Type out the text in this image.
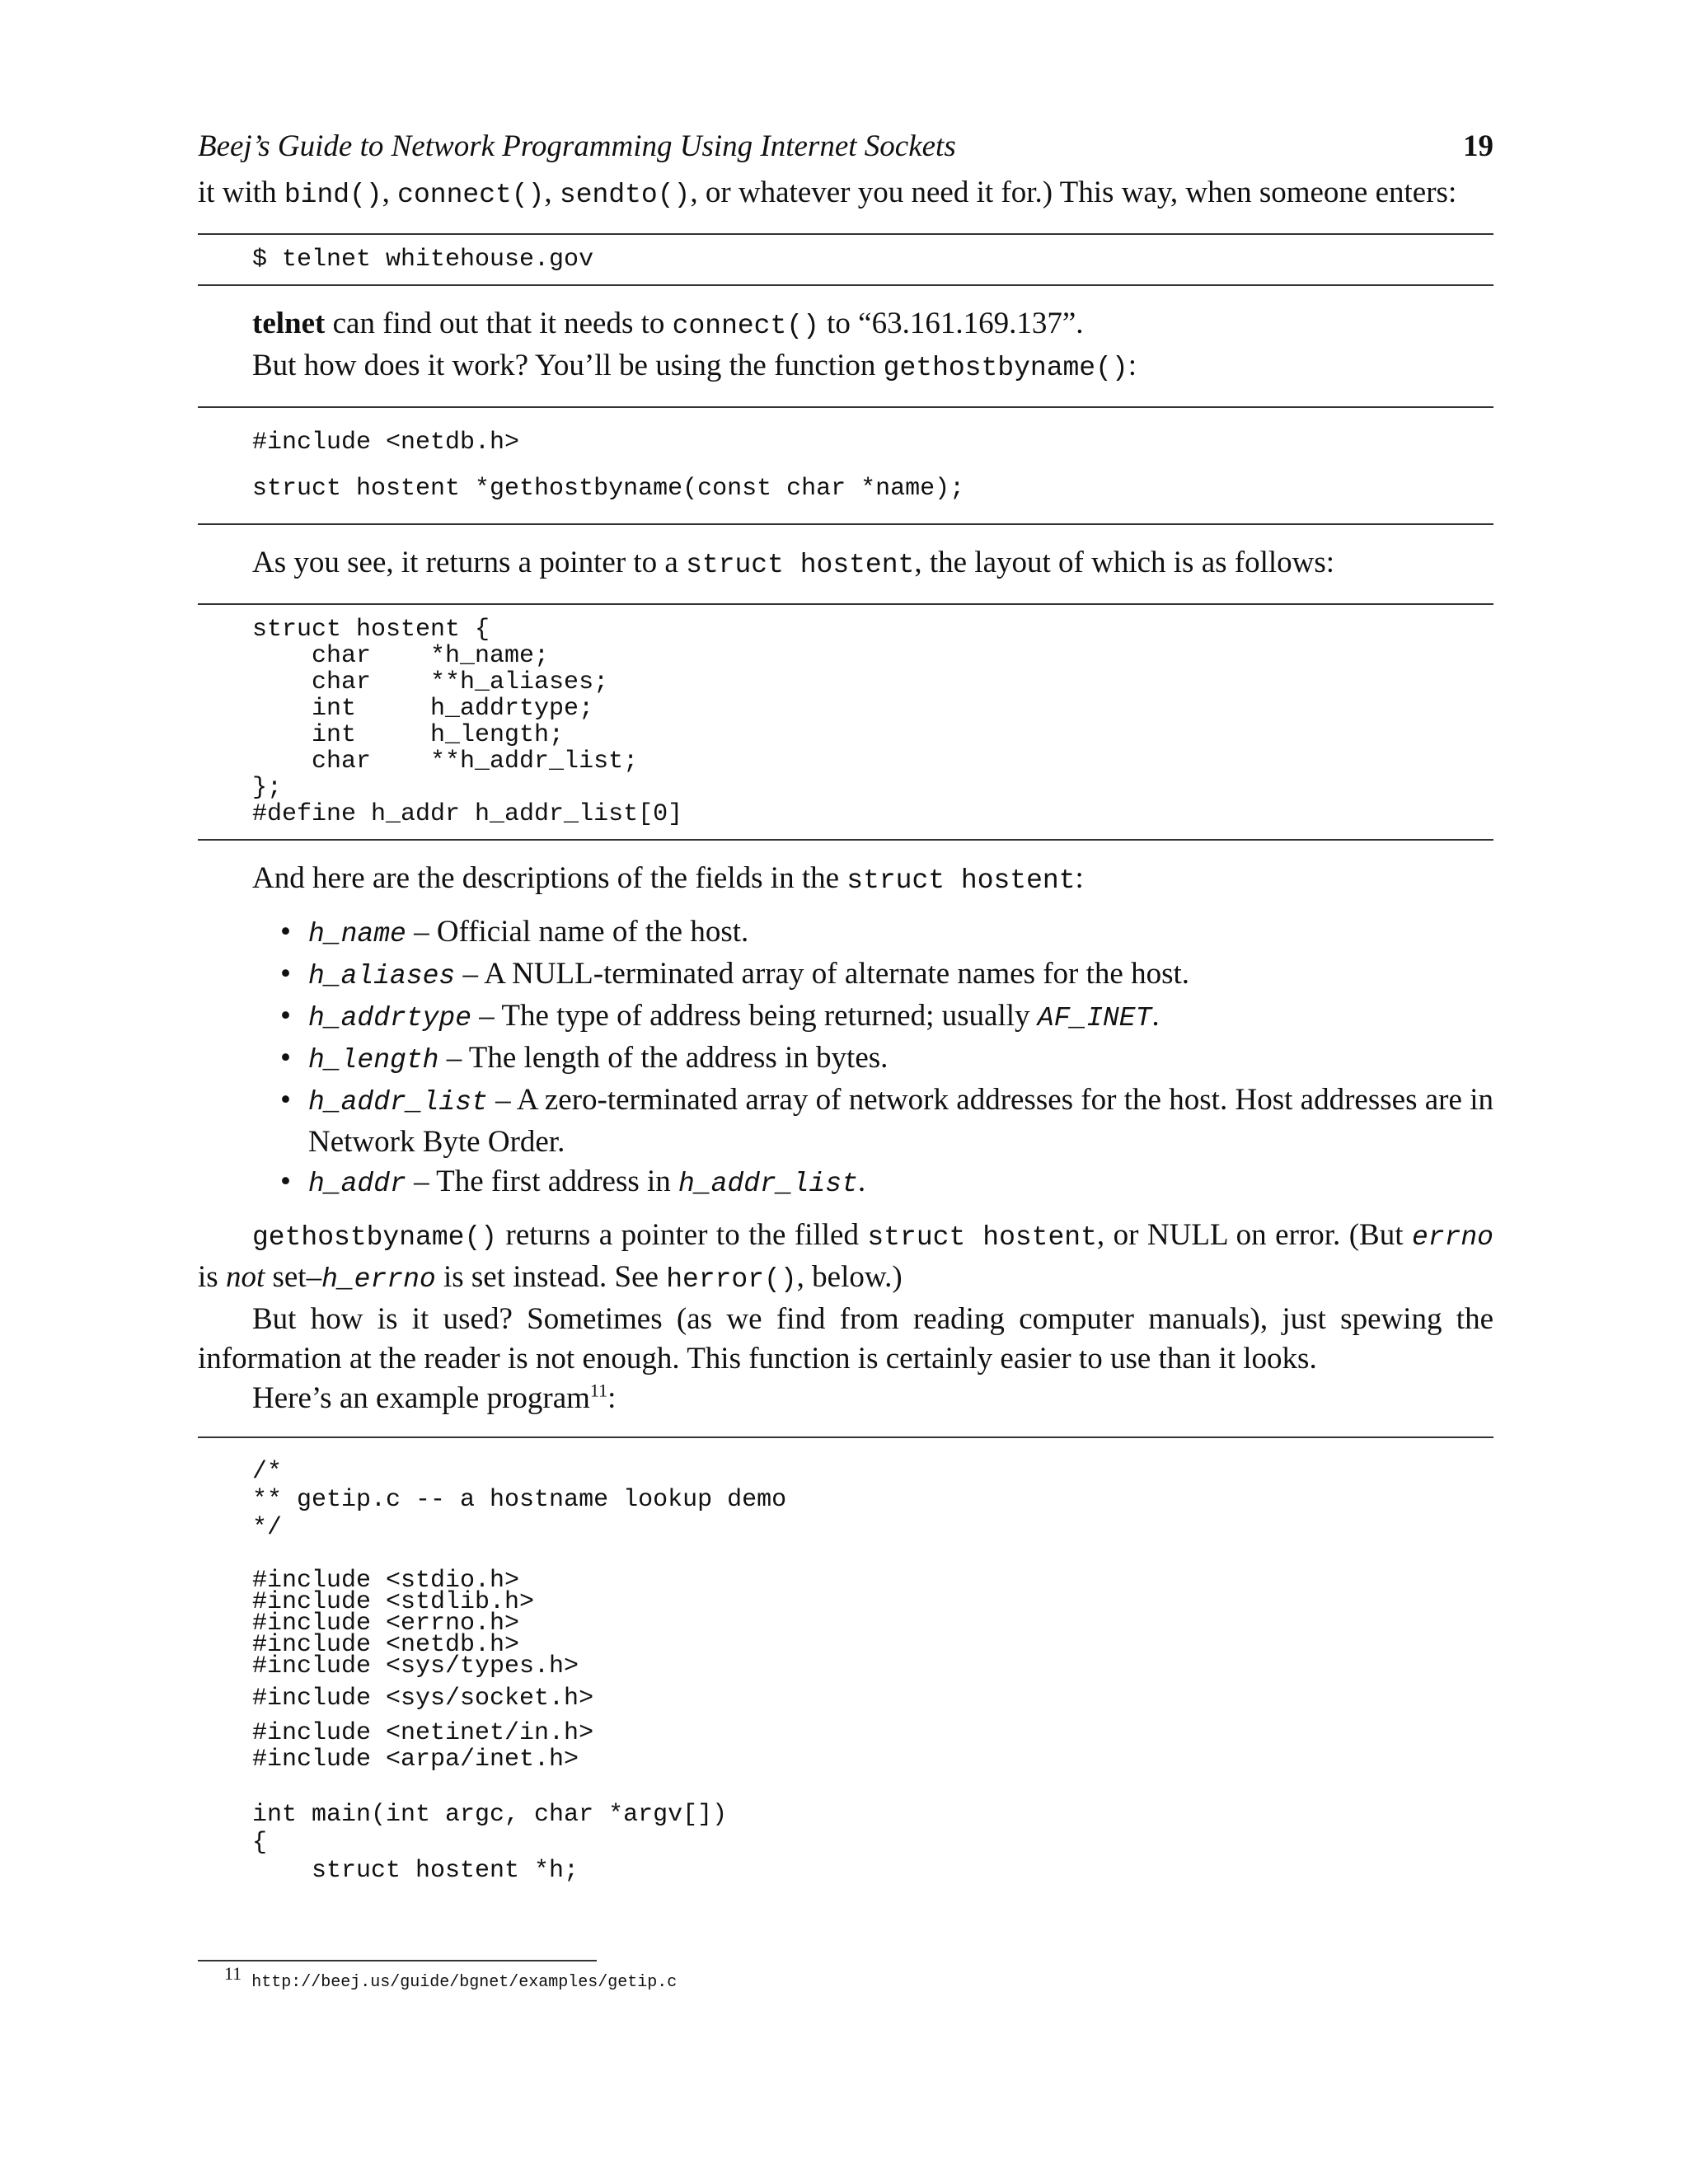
Beej’s Guide to Network Programming Using Internet Sockets	19

it with bind(), connect(), sendto(), or whatever you need it for.) This way, when someone enters:

$ telnet whitehouse.gov

telnet can find out that it needs to connect() to “63.161.169.137”.

But how does it work? You’ll be using the function gethostbyname():

#include <netdb.h>
struct hostent *gethostbyname(const char *name);

As you see, it returns a pointer to a struct hostent, the layout of which is as follows:

struct hostent {
char    *h_name;
char    **h_aliases;
int     h_addrtype;
int     h_length;
char    **h_addr_list;
};
#define h_addr h_addr_list[0]

And here are the descriptions of the fields in the struct hostent:

• h_name – Official name of the host.
• h_aliases – A NULL-terminated array of alternate names for the host.
• h_addrtype – The type of address being returned; usually AF_INET.
• h_length – The length of the address in bytes.
• h_addr_list – A zero-terminated array of network addresses for the host. Host addresses are in Network Byte Order.
• h_addr – The first address in h_addr_list.

gethostbyname() returns a pointer to the filled struct hostent, or NULL on error. (But errno is not set–h_errno is set instead. See herror(), below.)

But how is it used? Sometimes (as we find from reading computer manuals), just spewing the information at the reader is not enough. This function is certainly easier to use than it looks.

Here’s an example program$^{11}$:

/*
** getip.c -- a hostname lookup demo
*/
#include <stdio.h>
#include <stdlib.h>
#include <errno.h>
#include <netdb.h>
#include <sys/types.h>
#include <sys/socket.h>
#include <netinet/in.h>
#include <arpa/inet.h>
int main(int argc, char *argv[])
{
struct hostent *h;
11 http://beej.us/guide/bgnet/examples/getip.c
